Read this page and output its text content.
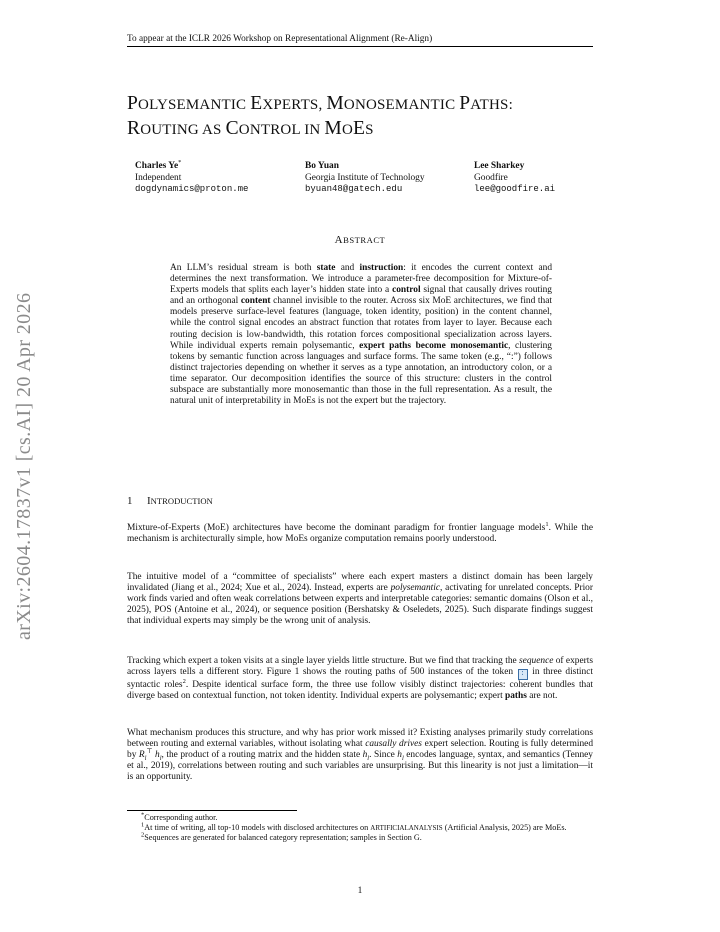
To appear at the ICLR 2026 Workshop on Representational Alignment (Re-Align)
arXiv:2604.17837v1 [cs.AI] 20 Apr 2026
POLYSEMANTIC EXPERTS, MONOSEMANTIC PATHS:
ROUTING AS CONTROL IN MOES
Charles Ye*
Independent
dogdynamics@proton.me
Bo Yuan
Georgia Institute of Technology
byuan48@gatech.edu
Lee Sharkey
Goodfire
lee@goodfire.ai
ABSTRACT
An LLM’s residual stream is both state and instruction: it encodes the current context and determines the next transformation. We introduce a parameter-free decomposition for Mixture-of-Experts models that splits each layer’s hidden state into a control signal that causally drives routing and an orthogonal content channel invisible to the router. Across six MoE architectures, we find that models preserve surface-level features (language, token identity, position) in the content channel, while the control signal encodes an abstract function that rotates from layer to layer. Because each routing decision is low-bandwidth, this rotation forces compositional specialization across layers. While individual experts remain polysemantic, expert paths become monosemantic, clustering tokens by semantic function across languages and surface forms. The same token (e.g., “:”) follows distinct trajectories depending on whether it serves as a type annotation, an introductory colon, or a time separator. Our decomposition identifies the source of this structure: clusters in the control subspace are substantially more monosemantic than those in the full representation. As a result, the natural unit of interpretability in MoEs is not the expert but the trajectory.
1 INTRODUCTION

Mixture-of-Experts (MoE) architectures have become the dominant paradigm for frontier language models$^1$. While the mechanism is architecturally simple, how MoEs organize computation remains poorly understood.

The intuitive model of a “committee of specialists” where each expert masters a distinct domain has been largely invalidated (Jiang et al., 2024; Xue et al., 2024). Instead, experts are polysemantic, activating for unrelated concepts. Prior work finds varied and often weak correlations between experts and interpretable categories: semantic domains (Olson et al., 2025), POS (Antoine et al., 2024), or sequence position (Bershatsky & Oseledets, 2025). Such disparate findings suggest that individual experts may simply be the wrong unit of analysis.

Tracking which expert a token visits at a single layer yields little structure. But we find that tracking the sequence of experts across layers tells a different story. Figure 1 shows the routing paths of 500 instances of the token : in three distinct syntactic roles$^2$. Despite identical surface form, the three use follow visibly distinct trajectories: coherent bundles that diverge based on contextual function, not token identity. Individual experts are polysemantic; expert paths are not.

What mechanism produces this structure, and why has prior work missed it? Existing analyses primarily study correlations between routing and external variables, without isolating what causally drives expert selection. Routing is fully determined by $R_l^⊤$ $h_l$, the product of a routing matrix and the hidden state $h_l$. Since $h_l$ encodes language, syntax, and semantics (Tenney et al., 2019), correlations between routing and such variables are unsurprising. But this linearity is not just a limitation—it is an opportunity.

*Corresponding author.

$^1$At time of writing, all top-10 models with disclosed architectures on ARTIFICIALANALYSIS (Artificial Analysis, 2025) are MoEs.

$^2$Sequences are generated for balanced category representation; samples in Section G.

1
